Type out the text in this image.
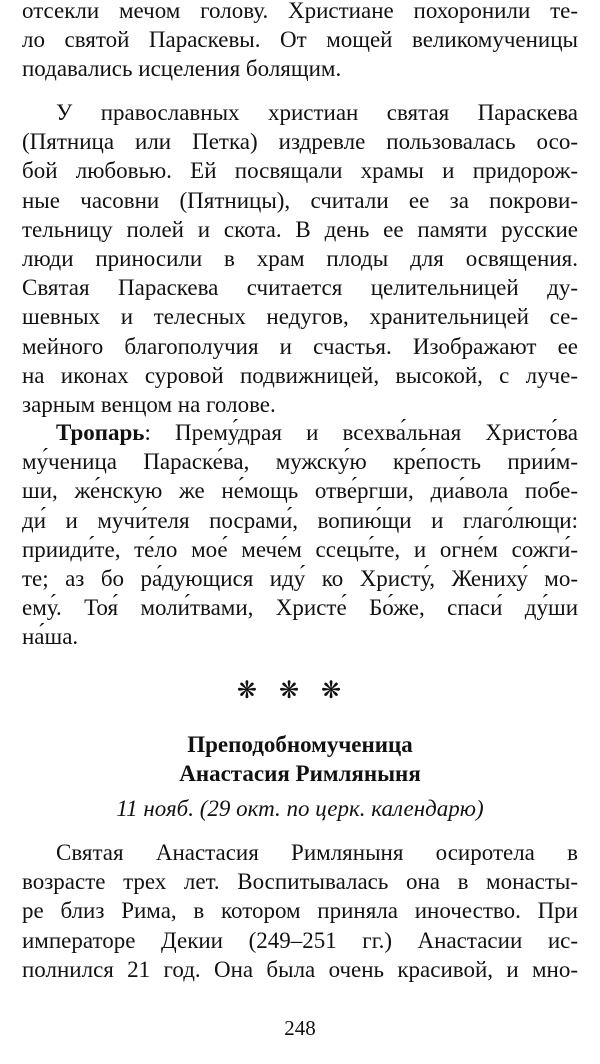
отсекли мечом голову. Христиане похоронили те-
ло святой Параскевы. От мощей великомученицы
подавались исцеления болящим.
У православных христиан святая Параскева
(Пятница или Петка) издревле пользовалась осо-
бой любовью. Ей посвящали храмы и придорож-
ные часовни (Пятницы), считали ее за покрови-
тельницу полей и скота. В день ее памяти русские
люди приносили в храм плоды для освящения.
Святая Параскева считается целительницей ду-
шевных и телесных недугов, хранительницей се-
мейного благополучия и счастья. Изображают ее
на иконах суровой подвижницей, высокой, с луче-
зарным венцом на голове.
Тропарь: Прему́драя и всехва́льная Христо́ва
му́ченица Параске́ва, мужску́ю кре́пость прии́м-
ши, же́нскую же не́мощь отве́ргши, диа́вола побе-
ди́ и мучи́теля посрами́, вопию́щи и глаго́лющи:
прииди́те, те́ло мое́ мече́м ссецы́те, и огне́м сожги́-
те; аз бо ра́дующися иду́ ко Христу́, Жениху́ мо-
ему́. Тоя́ моли́твами, Христе́ Бо́же, спаси́ ду́ши
на́ша.
❋❋❋
Преподобномученица
Анастасия Римляныня
11 нояб. (29 окт. по церк. календарю)
Святая Анастасия Римляныня осиротела в
возрасте трех лет. Воспитывалась она в монасты-
ре близ Рима, в котором приняла иночество. При
императоре Декии (249–251 гг.) Анастасии ис-
полнился 21 год. Она была очень красивой, и мно-
248
